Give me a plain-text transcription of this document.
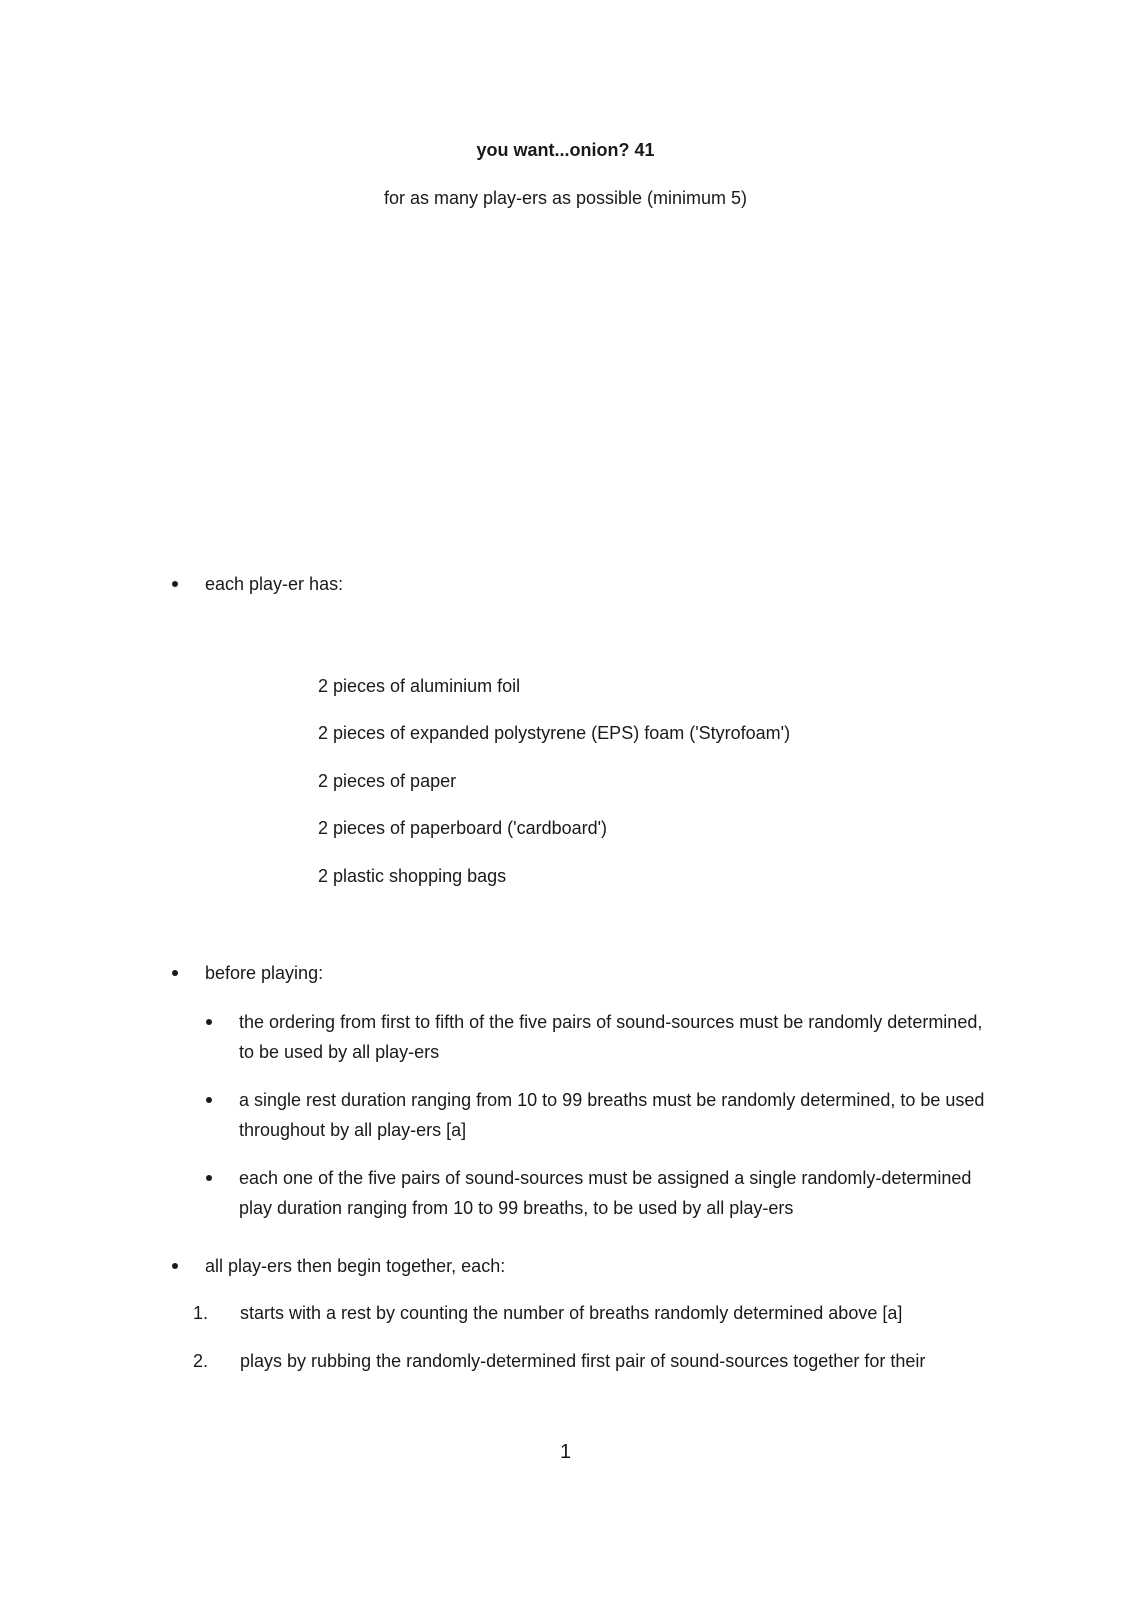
you want...onion? 41
for as many play-ers as possible (minimum 5)
each play-er has:
2 pieces of aluminium foil
2 pieces of expanded polystyrene (EPS) foam ('Styrofoam')
2 pieces of paper
2 pieces of paperboard ('cardboard')
2 plastic shopping bags
before playing:
the ordering from first to fifth of the five pairs of sound-sources must be randomly determined, to be used by all play-ers
a single rest duration ranging from 10 to 99 breaths must be randomly determined, to be used throughout by all play-ers [a]
each one of the five pairs of sound-sources must be assigned a single randomly-determined play duration ranging from 10 to 99 breaths, to be used by all play-ers
all play-ers then begin together, each:
1. starts with a rest by counting the number of breaths randomly determined above [a]
2. plays by rubbing the randomly-determined first pair of sound-sources together for their
1
